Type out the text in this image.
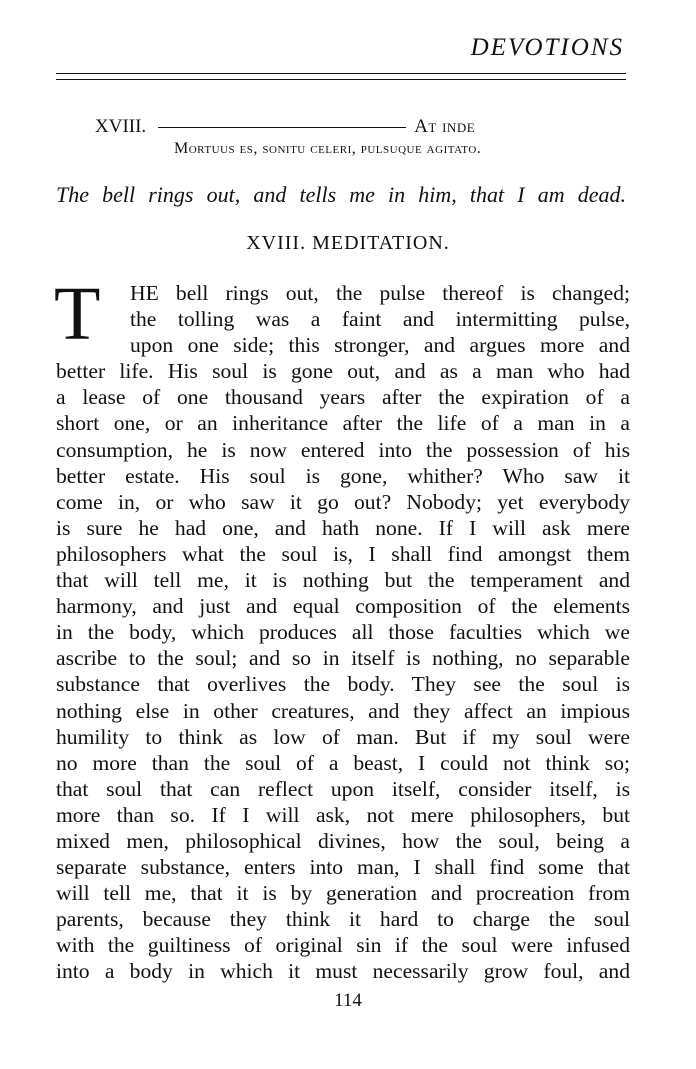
DEVOTIONS
XVIII.	At inde
Mortuus es, sonitu celeri, pulsuque agitato.
The bell rings out, and tells me in him, that I am dead.
XVIII. MEDITATION.
T HE bell rings out, the pulse thereof is changed;
the tolling was a faint and intermitting pulse,
upon one side; this stronger, and argues more and
better life. His soul is gone out, and as a man who had
a lease of one thousand years after the expiration of a
short one, or an inheritance after the life of a man in a
consumption, he is now entered into the possession of his
better estate. His soul is gone, whither? Who saw it
come in, or who saw it go out? Nobody; yet everybody
is sure he had one, and hath none. If I will ask mere
philosophers what the soul is, I shall find amongst them
that will tell me, it is nothing but the temperament and
harmony, and just and equal composition of the elements
in the body, which produces all those faculties which we
ascribe to the soul; and so in itself is nothing, no separable
substance that overlives the body. They see the soul is
nothing else in other creatures, and they affect an impious
humility to think as low of man. But if my soul were
no more than the soul of a beast, I could not think so;
that soul that can reflect upon itself, consider itself, is
more than so. If I will ask, not mere philosophers, but
mixed men, philosophical divines, how the soul, being a
separate substance, enters into man, I shall find some that
will tell me, that it is by generation and procreation from
parents, because they think it hard to charge the soul
with the guiltiness of original sin if the soul were infused
into a body in which it must necessarily grow foul, and
114
